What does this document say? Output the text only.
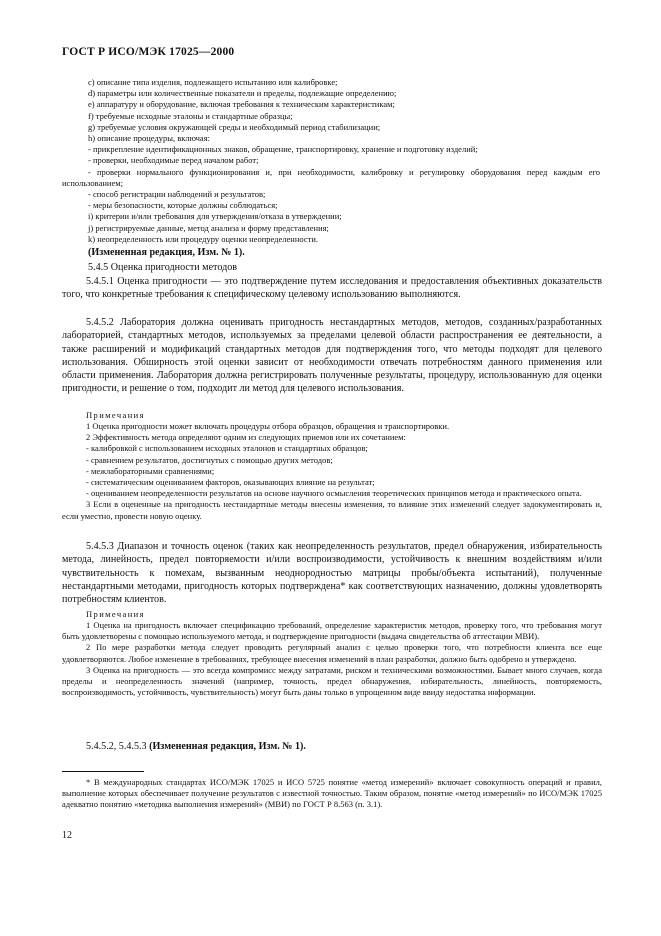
ГОСТ Р ИСО/МЭК 17025—2000
c) описание типа изделия, подлежащего испытанию или калибровке;
d) параметры или количественные показатели и пределы, подлежащие определению;
e) аппаратуру и оборудование, включая требования к техническим характеристикам;
f) требуемые исходные эталоны и стандартные образцы;
g) требуемые условия окружающей среды и необходимый период стабилизации;
h) описание процедуры, включая:
- прикрепление идентификационных знаков, обращение, транспортировку, хранение и подготовку изделий;
- проверки, необходимые перед началом работ;
- проверки нормального функционирования и, при необходимости, калибровку и регулировку оборудования перед каждым его использованием;
- способ регистрации наблюдений и результатов;
- меры безопасности, которые должны соблюдаться;
i) критерии и/или требования для утверждения/отказа в утверждении;
j) регистрируемые данные, метод анализа и форму представления;
k) неопределенность или процедуру оценки неопределенности.
(Измененная редакция, Изм. № 1).
5.4.5 Оценка пригодности методов
5.4.5.1 Оценка пригодности — это подтверждение путем исследования и предоставления объективных доказательств того, что конкретные требования к специфическому целевому использованию выполняются.
5.4.5.2 Лаборатория должна оценивать пригодность нестандартных методов, методов, созданных/разработанных лабораторией, стандартных методов, используемых за пределами целевой области распространения ее деятельности, а также расширений и модификаций стандартных методов для подтверждения того, что методы подходят для целевого использования. Обширность этой оценки зависит от необходимости отвечать потребностям данного применения или области применения. Лаборатория должна регистрировать полученные результаты, процедуру, использованную для оценки пригодности, и решение о том, подходит ли метод для целевого использования.
Примечания
1 Оценка пригодности может включать процедуры отбора образцов, обращения и транспортировки.
2 Эффективность метода определяют одним из следующих приемов или их сочетанием:
- калибровкой с использованием исходных эталонов и стандартных образцов;
- сравнением результатов, достигнутых с помощью других методов;
- межлабораторными сравнениями;
- систематическим оцениванием факторов, оказывающих влияние на результат;
- оцениванием неопределенности результатов на основе научного осмысления теоретических принципов метода и практического опыта.
3 Если в оцененные на пригодность нестандартные методы внесены изменения, то влияние этих изменений следует задокументировать и, если уместно, провести новую оценку.
5.4.5.3 Диапазон и точность оценок (таких как неопределенность результатов, предел обнаружения, избирательность метода, линейность, предел повторяемости и/или воспроизводимости, устойчивость к внешним воздействиям и/или чувствительность к помехам, вызванным неоднородностью матрицы пробы/объекта испытаний), полученные нестандартными методами, пригодность которых подтверждена* как соответствующих назначению, должны удовлетворять потребностям клиентов.
Примечания
1 Оценка на пригодность включает спецификацию требований, определение характеристик методов, проверку того, что требования могут быть удовлетворены с помощью используемого метода, и подтверждение пригодности (выдача свидетельства об аттестации МВИ).
2 По мере разработки метода следует проводить регулярный анализ с целью проверки того, что потребности клиента все еще удовлетворяются. Любое изменение в требованиях, требующее внесения изменений в план разработки, должно быть одобрено и утверждено.
3 Оценка на пригодность — это всегда компромисс между затратами, риском и техническими возможностями. Бывает много случаев, когда пределы и неопределенность значений (например, точность, предел обнаружения, избирательность, линейность, повторяемость, воспроизводимость, устойчивость, чувствительность) могут быть даны только в упрощенном виде ввиду недостатка информации.
5.4.5.2, 5.4.5.3 (Измененная редакция, Изм. № 1).
* В международных стандартах ИСО/МЭК 17025 и ИСО 5725 понятие «метод измерений» включает совокупность операций и правил, выполнение которых обеспечивает получение результатов с известной точностью. Таким образом, понятие «метод измерений» по ИСО/МЭК 17025 адекватно понятию «методика выполнения измерений» (МВИ) по ГОСТ Р 8.563 (п. 3.1).
12
